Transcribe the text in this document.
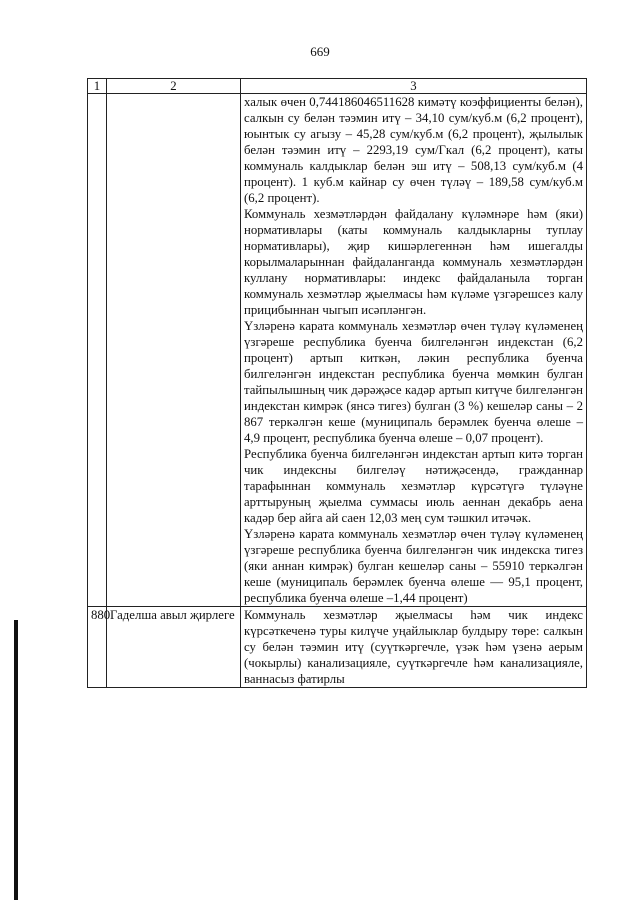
669
1	2	3

		халык өчен 0,744186046511628 кимәтү коэффициенты белән), салкын су белән тәэмин итү – 34,10 сум/куб.м (6,2 процент), юынтык су агызу – 45,28 сум/куб.м (6,2 процент), җылылык белән тәэмин итү – 2293,19 сум/Гкал (6,2 процент), каты коммуналь калдыклар белән эш итү – 508,13 сум/куб.м (4 процент). 1 куб.м кайнар су өчен түләү – 189,58 сум/куб.м (6,2 процент).

Коммуналь хезмәтләрдән файдалану күләмнәре һәм (яки) нормативлары (каты коммуналь калдыкларны туплау нормативлары), җир кишәрлегеннән һәм ишегалды корылмаларыннан файдаланганда коммуналь хезмәтләрдән куллану нормативлары: индекс файдаланыла торган коммуналь хезмәтләр җыелмасы һәм күләме үзгәрешсез калу прицибыннан чыгып исәпләнгән.

Үзләренә карата коммуналь хезмәтләр өчен түләү күләменең үзгәреше республика буенча билгеләнгән индекстан (6,2 процент) артып киткән, ләкин республика буенча билгеләнгән индекстан республика буенча мөмкин булган тайпылышның чик дәрәҗәсе кадәр артып китүче билгеләнгән индекстан кимрәк (янсә тигез) булган (3 %) кешеләр саны – 2 867 теркәлгән кеше (муниципаль берәмлек буенча өлеше – 4,9 процент, республика буенча өлеше – 0,07 процент).

Республика буенча билгеләнгән индекстан артып китә торган чик индексны билгеләү нәтиҗәсендә, гражданнар тарафыннан коммуналь хезмәтләр күрсәтүгә түләүне арттыруның җыелма суммасы июль аеннан декабрь аена кадәр бер айга ай саен 12,03 мең сум тәшкил итәчәк.

Үзләренә карата коммуналь хезмәтләр өчен түләү күләменең үзгәреше республика буенча билгеләнгән чик индекска тигез (яки аннан кимрәк) булган кешеләр саны – 55910 теркәлгән кеше (муниципаль берәмлек буенча өлеше — 95,1 процент, республика буенча өлеше –1,44 процент)

880	Гаделша авыл җирлеге	Коммуналь хезмәтләр җыелмасы һәм чик индекс күрсәткеченә туры килүче уңайлыклар булдыру төре: салкын су белән тәэмин итү (суүткәргечле, үзәк һәм үзенә аерым (чокырлы) канализацияле, суүткәргечле һәм канализацияле, ваннасыз фатирлы
